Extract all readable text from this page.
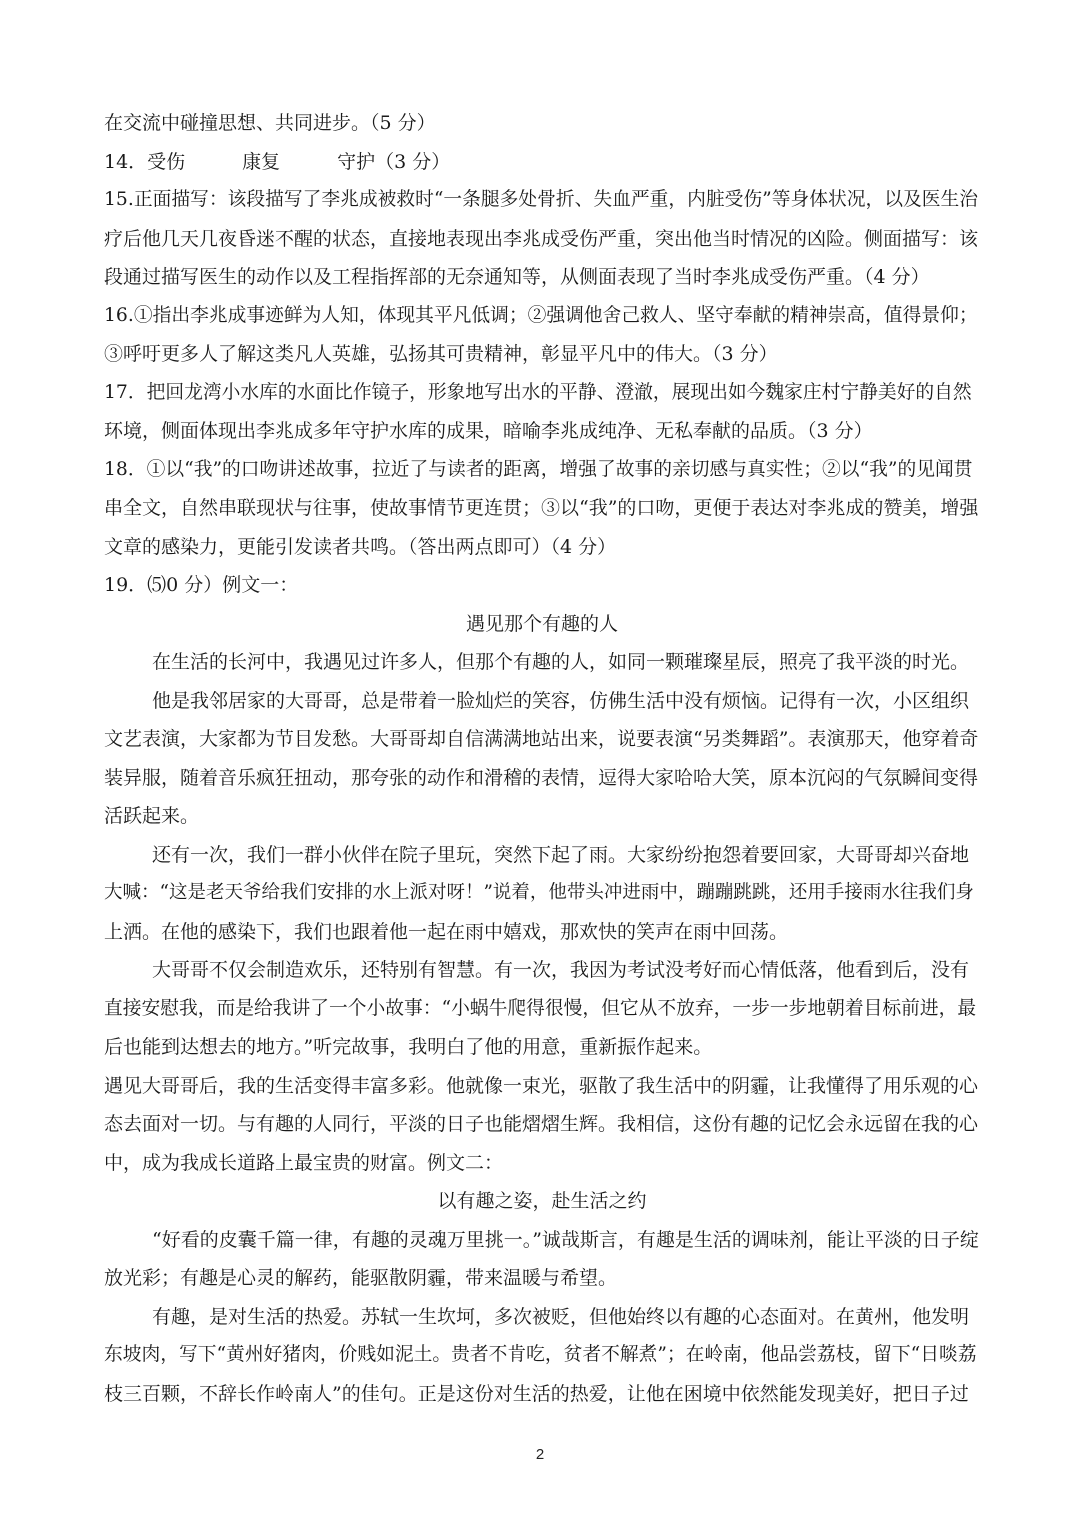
在交流中碰撞思想、共同进步。（5 分）
14．受伤　　　康复　　　守护（3 分）
15.正面描写：该段描写了李兆成被救时“一条腿多处骨折、失血严重，内脏受伤”等身体状况，以及医生治
疗后他几天几夜昏迷不醒的状态，直接地表现出李兆成受伤严重，突出他当时情况的凶险。侧面描写：该
段通过描写医生的动作以及工程指挥部的无奈通知等，从侧面表现了当时李兆成受伤严重。（4 分）
16.①指出李兆成事迹鲜为人知，体现其平凡低调；②强调他舍己救人、坚守奉献的精神崇高，值得景仰；
③呼吁更多人了解这类凡人英雄，弘扬其可贵精神，彰显平凡中的伟大。（3 分）
17．把回龙湾小水库的水面比作镜子，形象地写出水的平静、澄澈，展现出如今魏家庄村宁静美好的自然
环境，侧面体现出李兆成多年守护水库的成果，暗喻李兆成纯净、无私奉献的品质。（3 分）
18．①以“我”的口吻讲述故事，拉近了与读者的距离，增强了故事的亲切感与真实性；②以“我”的见闻贯
串全文，自然串联现状与往事，使故事情节更连贯；③以“我”的口吻，更便于表达对李兆成的赞美，增强
文章的感染力，更能引发读者共鸣。（答出两点即可）（4 分）
19．⑸0 分）例文一：
遇见那个有趣的人
在生活的长河中，我遇见过许多人，但那个有趣的人，如同一颗璀璨星辰，照亮了我平淡的时光。
他是我邻居家的大哥哥，总是带着一脸灿烂的笑容，仿佛生活中没有烦恼。记得有一次，小区组织
文艺表演，大家都为节目发愁。大哥哥却自信满满地站出来，说要表演“另类舞蹈”。表演那天，他穿着奇
装异服，随着音乐疯狂扭动，那夸张的动作和滑稽的表情，逗得大家哈哈大笑，原本沉闷的气氛瞬间变得
活跃起来。
还有一次，我们一群小伙伴在院子里玩，突然下起了雨。大家纷纷抱怨着要回家，大哥哥却兴奋地
大喊：“这是老天爷给我们安排的水上派对呀！”说着，他带头冲进雨中，蹦蹦跳跳，还用手接雨水往我们身
上洒。在他的感染下，我们也跟着他一起在雨中嬉戏，那欢快的笑声在雨中回荡。
大哥哥不仅会制造欢乐，还特别有智慧。有一次，我因为考试没考好而心情低落，他看到后，没有
直接安慰我，而是给我讲了一个小故事：“小蜗牛爬得很慢，但它从不放弃，一步一步地朝着目标前进，最
后也能到达想去的地方。”听完故事，我明白了他的用意，重新振作起来。
遇见大哥哥后，我的生活变得丰富多彩。他就像一束光，驱散了我生活中的阴霾，让我懂得了用乐观的心
态去面对一切。与有趣的人同行，平淡的日子也能熠熠生辉。我相信，这份有趣的记忆会永远留在我的心
中，成为我成长道路上最宝贵的财富。例文二：
以有趣之姿，赴生活之约
“好看的皮囊千篇一律，有趣的灵魂万里挑一。”诚哉斯言，有趣是生活的调味剂，能让平淡的日子绽
放光彩；有趣是心灵的解药，能驱散阴霾，带来温暖与希望。
有趣，是对生活的热爱。苏轼一生坎坷，多次被贬，但他始终以有趣的心态面对。在黄州，他发明
东坡肉，写下“黄州好猪肉，价贱如泥土。贵者不肯吃，贫者不解煮”；在岭南，他品尝荔枝，留下“日啖荔
枝三百颗，不辞长作岭南人”的佳句。正是这份对生活的热爱，让他在困境中依然能发现美好，把日子过
2
